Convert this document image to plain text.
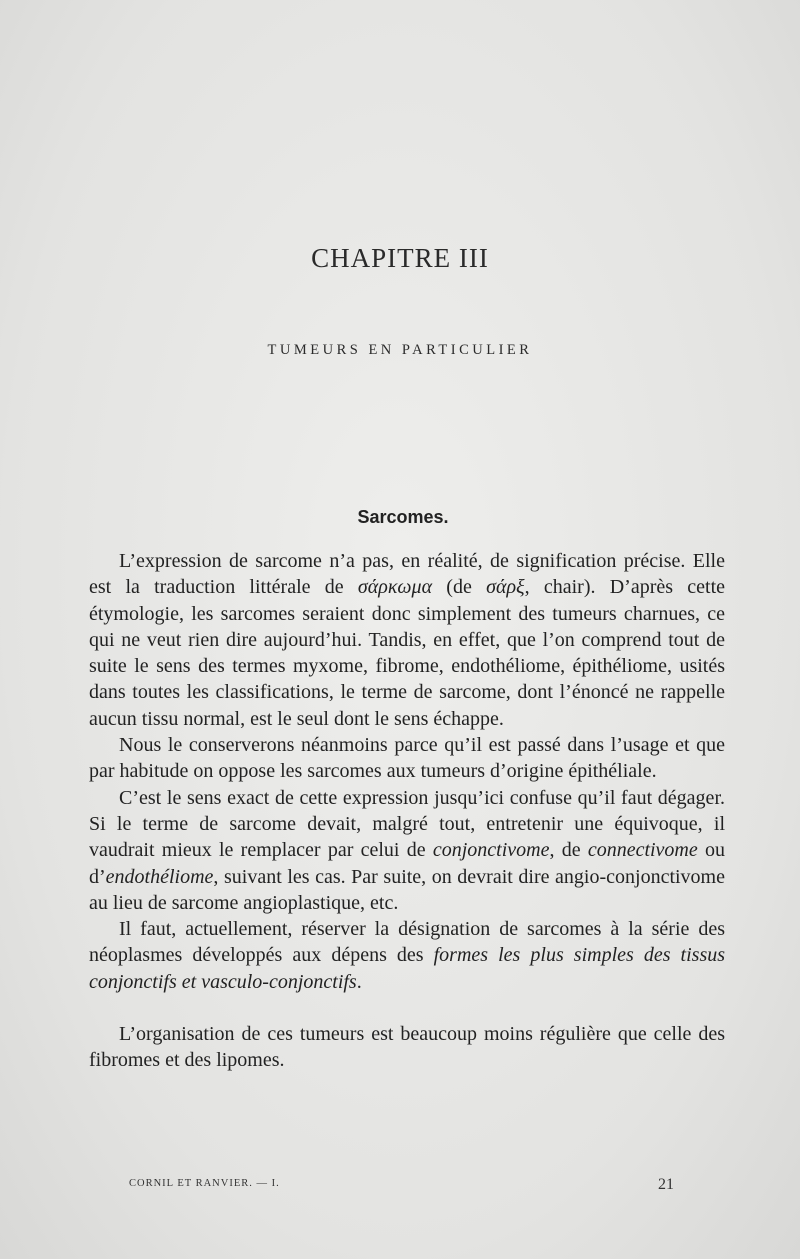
CHAPITRE III
TUMEURS EN PARTICULIER
Sarcomes.

L’expression de sarcome n’a pas, en réalité, de signification précise. Elle est la traduction littérale de σάρκωμα (de σάρξ, chair). D’après cette étymologie, les sarcomes seraient donc simplement des tumeurs charnues, ce qui ne veut rien dire aujourd’hui. Tandis, en effet, que l’on comprend tout de suite le sens des termes myxome, fibrome, endothéliome, épithéliome, usités dans toutes les classifications, le terme de sarcome, dont l’énoncé ne rappelle aucun tissu normal, est le seul dont le sens échappe.

Nous le conserverons néanmoins parce qu’il est passé dans l’usage et que par habitude on oppose les sarcomes aux tumeurs d’origine épithéliale.

C’est le sens exact de cette expression jusqu’ici confuse qu’il faut dégager. Si le terme de sarcome devait, malgré tout, entretenir une équivoque, il vaudrait mieux le remplacer par celui de conjonctivome, de connectivome ou d’endothéliome, suivant les cas. Par suite, on devrait dire angio-conjonctivome au lieu de sarcome angioplastique, etc.

Il faut, actuellement, réserver la désignation de sarcomes à la série des néoplasmes développés aux dépens des formes les plus simples des tissus conjonctifs et vasculo-conjonctifs.

L’organisation de ces tumeurs est beaucoup moins régulière que celle des fibromes et des lipomes.

CORNIL ET RANVIER. — I.	21
